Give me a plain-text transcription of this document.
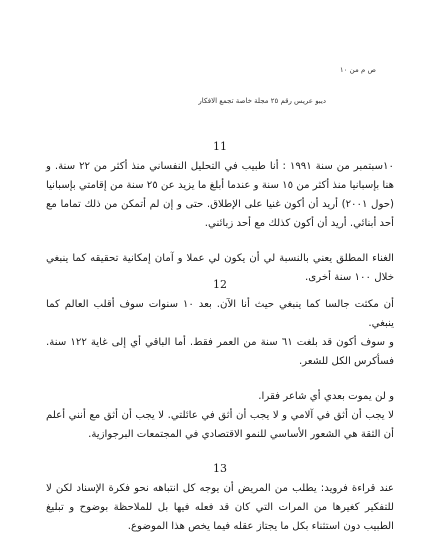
ص م من ١٠
ديبو عريس رقم ٢٥ مجلة خاصة تجمع الافكار
11

١٠سبتمبر من سنة ١٩٩١ : أنا طبيب في التحليل النفساني منذ أكثر من ٢٢ سنة. و هنا بإسبانيا منذ أكثر من ١٥ سنة و عندما أبلغ ما يزيد عن ٢٥ سنة من إقامتي بإسبانيا (حول ٢٠٠١) أريد أن أكون غنيا على الإطلاق. حتى و إن لم أتمكن من ذلك تماما مع أحد أبنائي. أريد أن أكون كذلك مع أحد زبائني.

الغناء المطلق يعني بالنسبة لي أن يكون لي عملا و آمان إمكانية تحقيقه كما ينبغي خلال ١٠٠ سنة أخرى.

12

أن مكثت جالسا كما ينبغي حيث أنا الآن. بعد ١٠ سنوات سوف أقلب العالم كما ينبغي.

و سوف أكون قد بلغت ٦١ سنة من العمر فقط. أما الباقي أي إلى غاية ١٢٢ سنة. فسأكرس الكل للشعر.

و لن يموت بعدي أي شاعر فقرا.

لا يجب أن أثق في آلامي و لا يجب أن أثق في عائلتي. لا يجب أن أثق مع أنني أعلم أن الثقة هي الشعور الأساسي للنمو الاقتصادي في المجتمعات البرجوازية.

13

عند قراءة فرويد: يطلب من المريض أن يوجه كل انتباهه نحو فكرة الإسناد لكن لا للتفكير كغيرها من المرات التي كان قد فعله فيها بل للملاحظة بوضوح و تبليغ الطبيب دون استثناء بكل ما يجتاز عقله فيما يخص هذا الموضوع.
